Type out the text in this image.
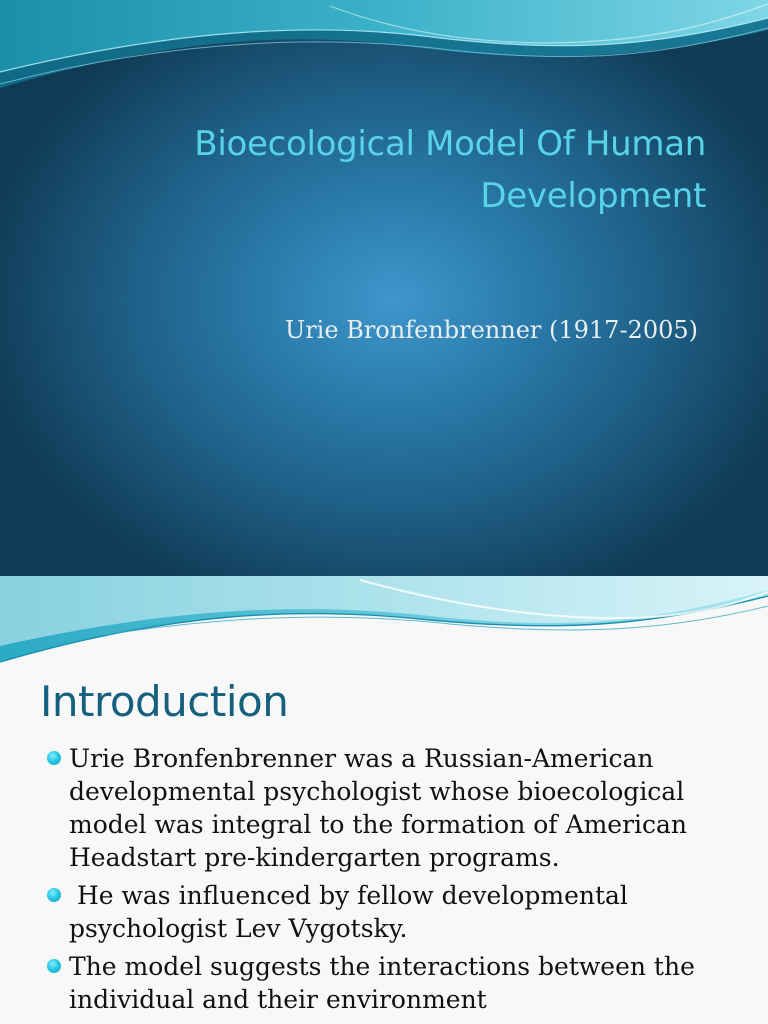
Bioecological Model Of Human Development

Urie Bronfenbrenner (1917-2005)

Introduction
Urie Bronfenbrenner was a Russian-American developmental psychologist whose bioecological model was integral to the formation of American Headstart pre-kindergarten programs.
He was influenced by fellow developmental psychologist Lev Vygotsky.
The model suggests the interactions between the individual and their environment
